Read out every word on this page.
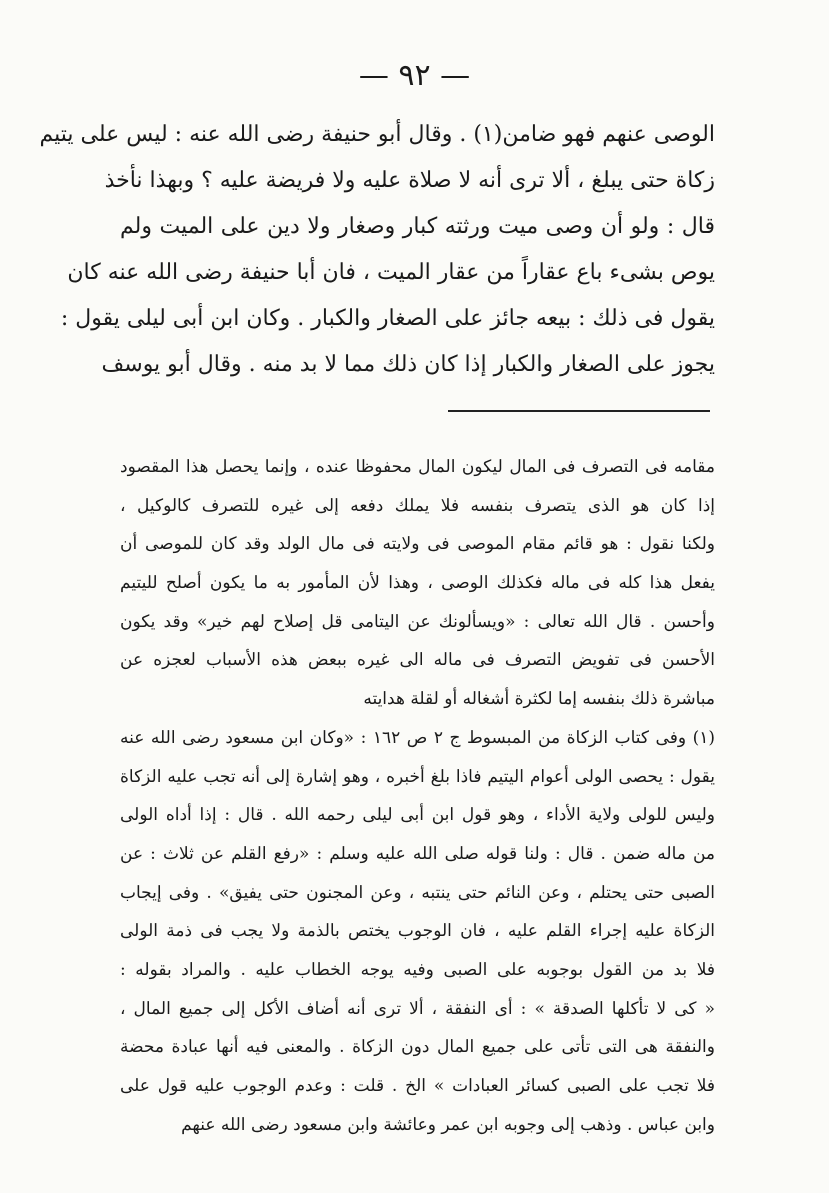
— ٩٢ —
الوصى عنهم فهو ضامن(١) . وقال أبو حنيفة رضى الله عنه : ليس على يتيم
زكاة حتى يبلغ ، ألا ترى أنه لا صلاة عليه ولا فريضة عليه ؟ وبهذا نأخذ
قال : ولو أن وصى ميت ورثته كبار وصغار ولا دين على الميت ولم
يوص بشىء باع عقاراً من عقار الميت ، فان أبا حنيفة رضى الله عنه كان
يقول فى ذلك : بيعه جائز على الصغار والكبار . وكان ابن أبى ليلى يقول :
يجوز على الصغار والكبار إذا كان ذلك مما لا بد منه . وقال أبو يوسف
مقامه فى التصرف فى المال ليكون المال محفوظا عنده ، وإنما يحصل هذا المقصود
إذا كان هو الذى يتصرف بنفسه فلا يملك دفعه إلى غيره للتصرف كالوكيل ،
ولكنا نقول : هو قائم مقام الموصى فى ولايته فى مال الولد وقد كان للموصى أن
يفعل هذا كله فى ماله فكذلك الوصى ، وهذا لأن المأمور به ما يكون أصلح لليتيم
وأحسن . قال الله تعالى : «ويسألونك عن اليتامى قل إصلاح لهم خير» وقد يكون
الأحسن فى تفويض التصرف فى ماله الى غيره ببعض هذه الأسباب لعجزه عن
مباشرة ذلك بنفسه إما لكثرة أشغاله أو لقلة هدايته
(١) وفى كتاب الزكاة من المبسوط ج ٢ ص ١٦٢ : «وكان ابن مسعود رضى الله عنه
يقول : يحصى الولى أعوام اليتيم فاذا بلغ أخبره ، وهو إشارة إلى أنه تجب عليه الزكاة
وليس للولى ولاية الأداء ، وهو قول ابن أبى ليلى رحمه الله . قال : إذا أداه الولى
من ماله ضمن . قال : ولنا قوله صلى الله عليه وسلم : «رفع القلم عن ثلاث : عن
الصبى حتى يحتلم ، وعن النائم حتى ينتبه ، وعن المجنون حتى يفيق» . وفى إيجاب
الزكاة عليه إجراء القلم عليه ، فان الوجوب يختص بالذمة ولا يجب فى ذمة الولى
فلا بد من القول بوجوبه على الصبى وفيه يوجه الخطاب عليه . والمراد بقوله :
« كى لا تأكلها الصدقة » : أى النفقة ، ألا ترى أنه أضاف الأكل إلى جميع المال ،
والنفقة هى التى تأتى على جميع المال دون الزكاة . والمعنى فيه أنها عبادة محضة
فلا تجب على الصبى كسائر العبادات » الخ . قلت : وعدم الوجوب عليه قول على
وابن عباس . وذهب إلى وجوبه ابن عمر وعائشة وابن مسعود رضى الله عنهم
